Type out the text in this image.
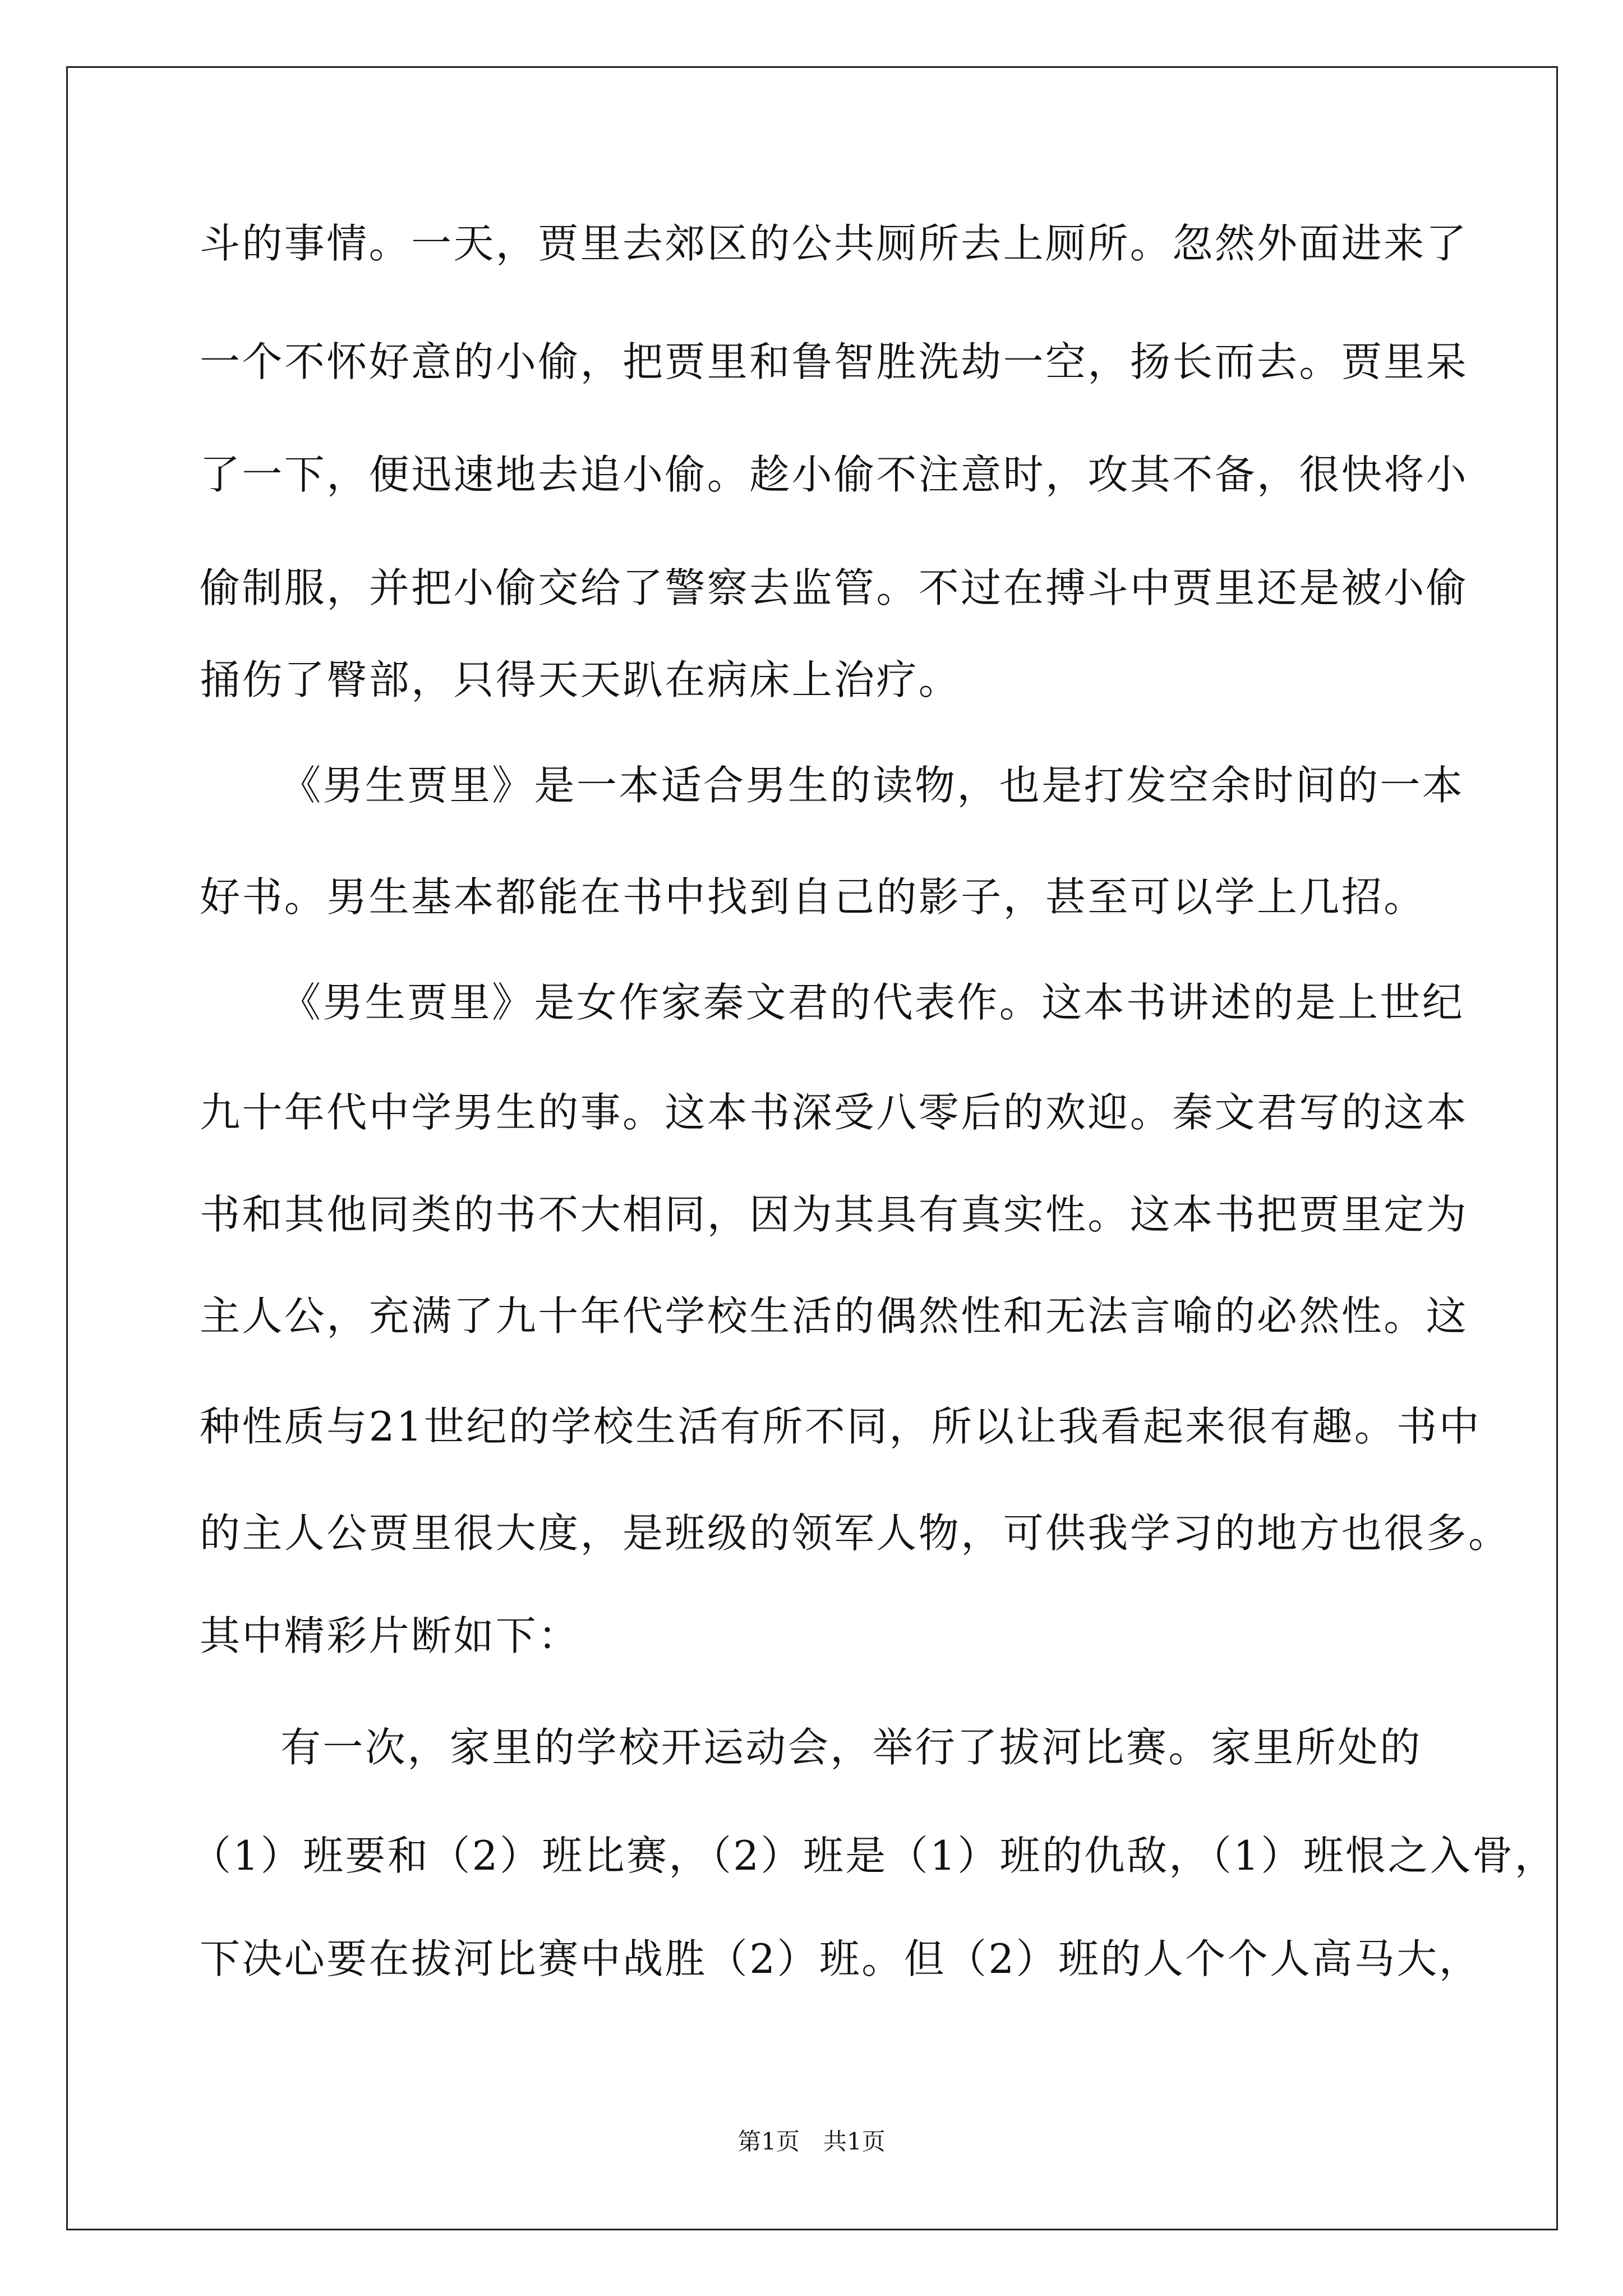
斗的事情。一天，贾里去郊区的公共厕所去上厕所。忽然外面进来了
一个不怀好意的小偷，把贾里和鲁智胜洗劫一空，扬长而去。贾里呆
了一下，便迅速地去追小偷。趁小偷不注意时，攻其不备，很快将小
偷制服，并把小偷交给了警察去监管。不过在搏斗中贾里还是被小偷
捅伤了臀部，只得天天趴在病床上治疗。
《男生贾里》是一本适合男生的读物，也是打发空余时间的一本
好书。男生基本都能在书中找到自己的影子，甚至可以学上几招。
《男生贾里》是女作家秦文君的代表作。这本书讲述的是上世纪
九十年代中学男生的事。这本书深受八零后的欢迎。秦文君写的这本
书和其他同类的书不大相同，因为其具有真实性。这本书把贾里定为
主人公，充满了九十年代学校生活的偶然性和无法言喻的必然性。这
种性质与21世纪的学校生活有所不同，所以让我看起来很有趣。书中
的主人公贾里很大度，是班级的领军人物，可供我学习的地方也很多。
其中精彩片断如下：
有一次，家里的学校开运动会，举行了拔河比赛。家里所处的
（1）班要和（2）班比赛，（2）班是（1）班的仇敌，（1）班恨之入骨，
下决心要在拔河比赛中战胜（2）班。但（2）班的人个个人高马大，
第1页　共1页
